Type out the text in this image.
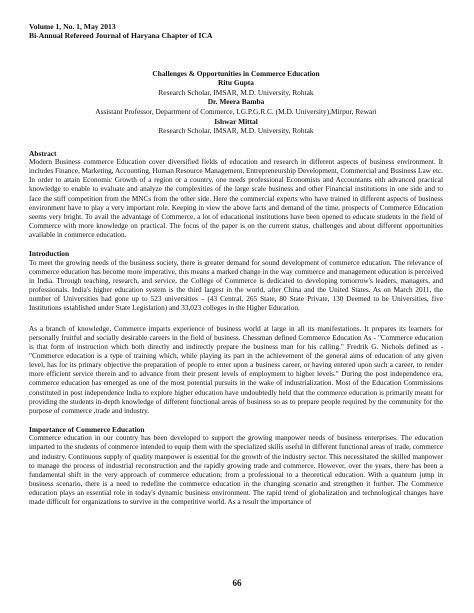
Volume 1, No. 1, May 2013
Bi-Annual Refereed Journal of Haryana Chapter of ICA
Challenges & Opportunities in Commerce Education
Ritu Gupta
Research Scholar, IMSAR, M.D. University, Rohtak
Dr. Meera Bamba
Assistant Professor, Department of Commerce, I.G.P.G.R.C. (M.D. University),Mirpur, Rewari
Ishwar Mittal
Research Scholar, IMSAR, M.D. University, Rohtak
Abstract

Modern Business commerce Education cover diversified fields of education and research in different aspects of business environment. It includes Finance, Marketing, Accounting, Human Resource Management, Entrepreneurship Development, Commercial and Business Law etc. In order to attain Economic Growth of a region or a country, one needs professional Economists and Accountants eith advanced practical knowledge to enable to evaluate and analyze the complexities of the large scale business and other Financial institutions in one side and to face the stiff competition from the MNCs from the other side. Here the commercial experts who have trained in different aspects of business environment have to play a very important role. Keeping in view the above facts and demand of the time, prospects of Commerce Education seems very bright. To avail the advantage of Commerce, a lot of educational institutions have been opened to educate students in the field of Commerce with more knowledge on practical. The focus of the paper is on the current status, challenges and about different opportunities available in commerce education.

Introduction

To meet the growing needs of the business society, there is greater demand for sound development of commerce education. The relevance of commerce education has become more imperative, this means a marked change in the way commerce and management education is perceived in India. Through teaching, research, and service, the College of Commerce is dedicated to developing tomorrow's leaders, managers, and professionals. India's higher education system is the third largest in the world, after China and the United States. As on March 2011, the number of Universities had gone up to 523 universities – (43 Central, 265 State, 80 State Private, 130 Deemed to be Universities, five Institutions established under State Legislation) and 33,023 colleges in the Higher Education.

As a branch of knowledge, Commerce imparts experience of business world at large in all its manifestations. It prepares its learners for personally fruitful and socially desirable careers in the field of business. Chessman defined Commerce Education As - "Commerce education is that form of instruction which both directly and indirectly prepare the business man for his calling." Fredrik G. Nichols defined as - "Commerce education is a type of training which, while playing its part in the achievement of the general aims of education of any given level, has for its primary objective the preparation of people to enter upon a business career, or having entered upon such a career, to render more efficient service therein and to advance from their present levels of employment to higher levels." During the post independence era, commerce education has emerged as one of the most potential pursuits in the wake of industrialization. Most of the Education Commissions constituted in post independence India to explore higher education have undoubtedly held that the commerce education is primarily meant for providing the students in-depth knowledge of different functional areas of business so as to prepare people required by the community for the purpose of commerce ,trade and industry.

Importance of Commerce Education

Commerce education in our country has been developed to support the growing manpower needs of business enterprises. The education imparted to the students of commerce intended to equip them with the specialized skills useful in different functional areas of trade, commerce and industry. Continuous supply of quality manpower is essential for the growth of the industry sector. This necessitated the skilled manpower to manage the process of industrial reconstruction and the rapidly growing trade and commerce. However, over the years, there has been a fundamental shift in the very approach of commerce education; from a professional to a theoretical education. With a quantum jump in business scenario, there is a need to redefine the commerce education in the changing scenario and strengthen it further. The Commerce education plays an essential role in today's dynamic business environment. The rapid trend of globalization and technological changes have made difficult for organizations to survive in the competitive world. As a result the importance of

66
